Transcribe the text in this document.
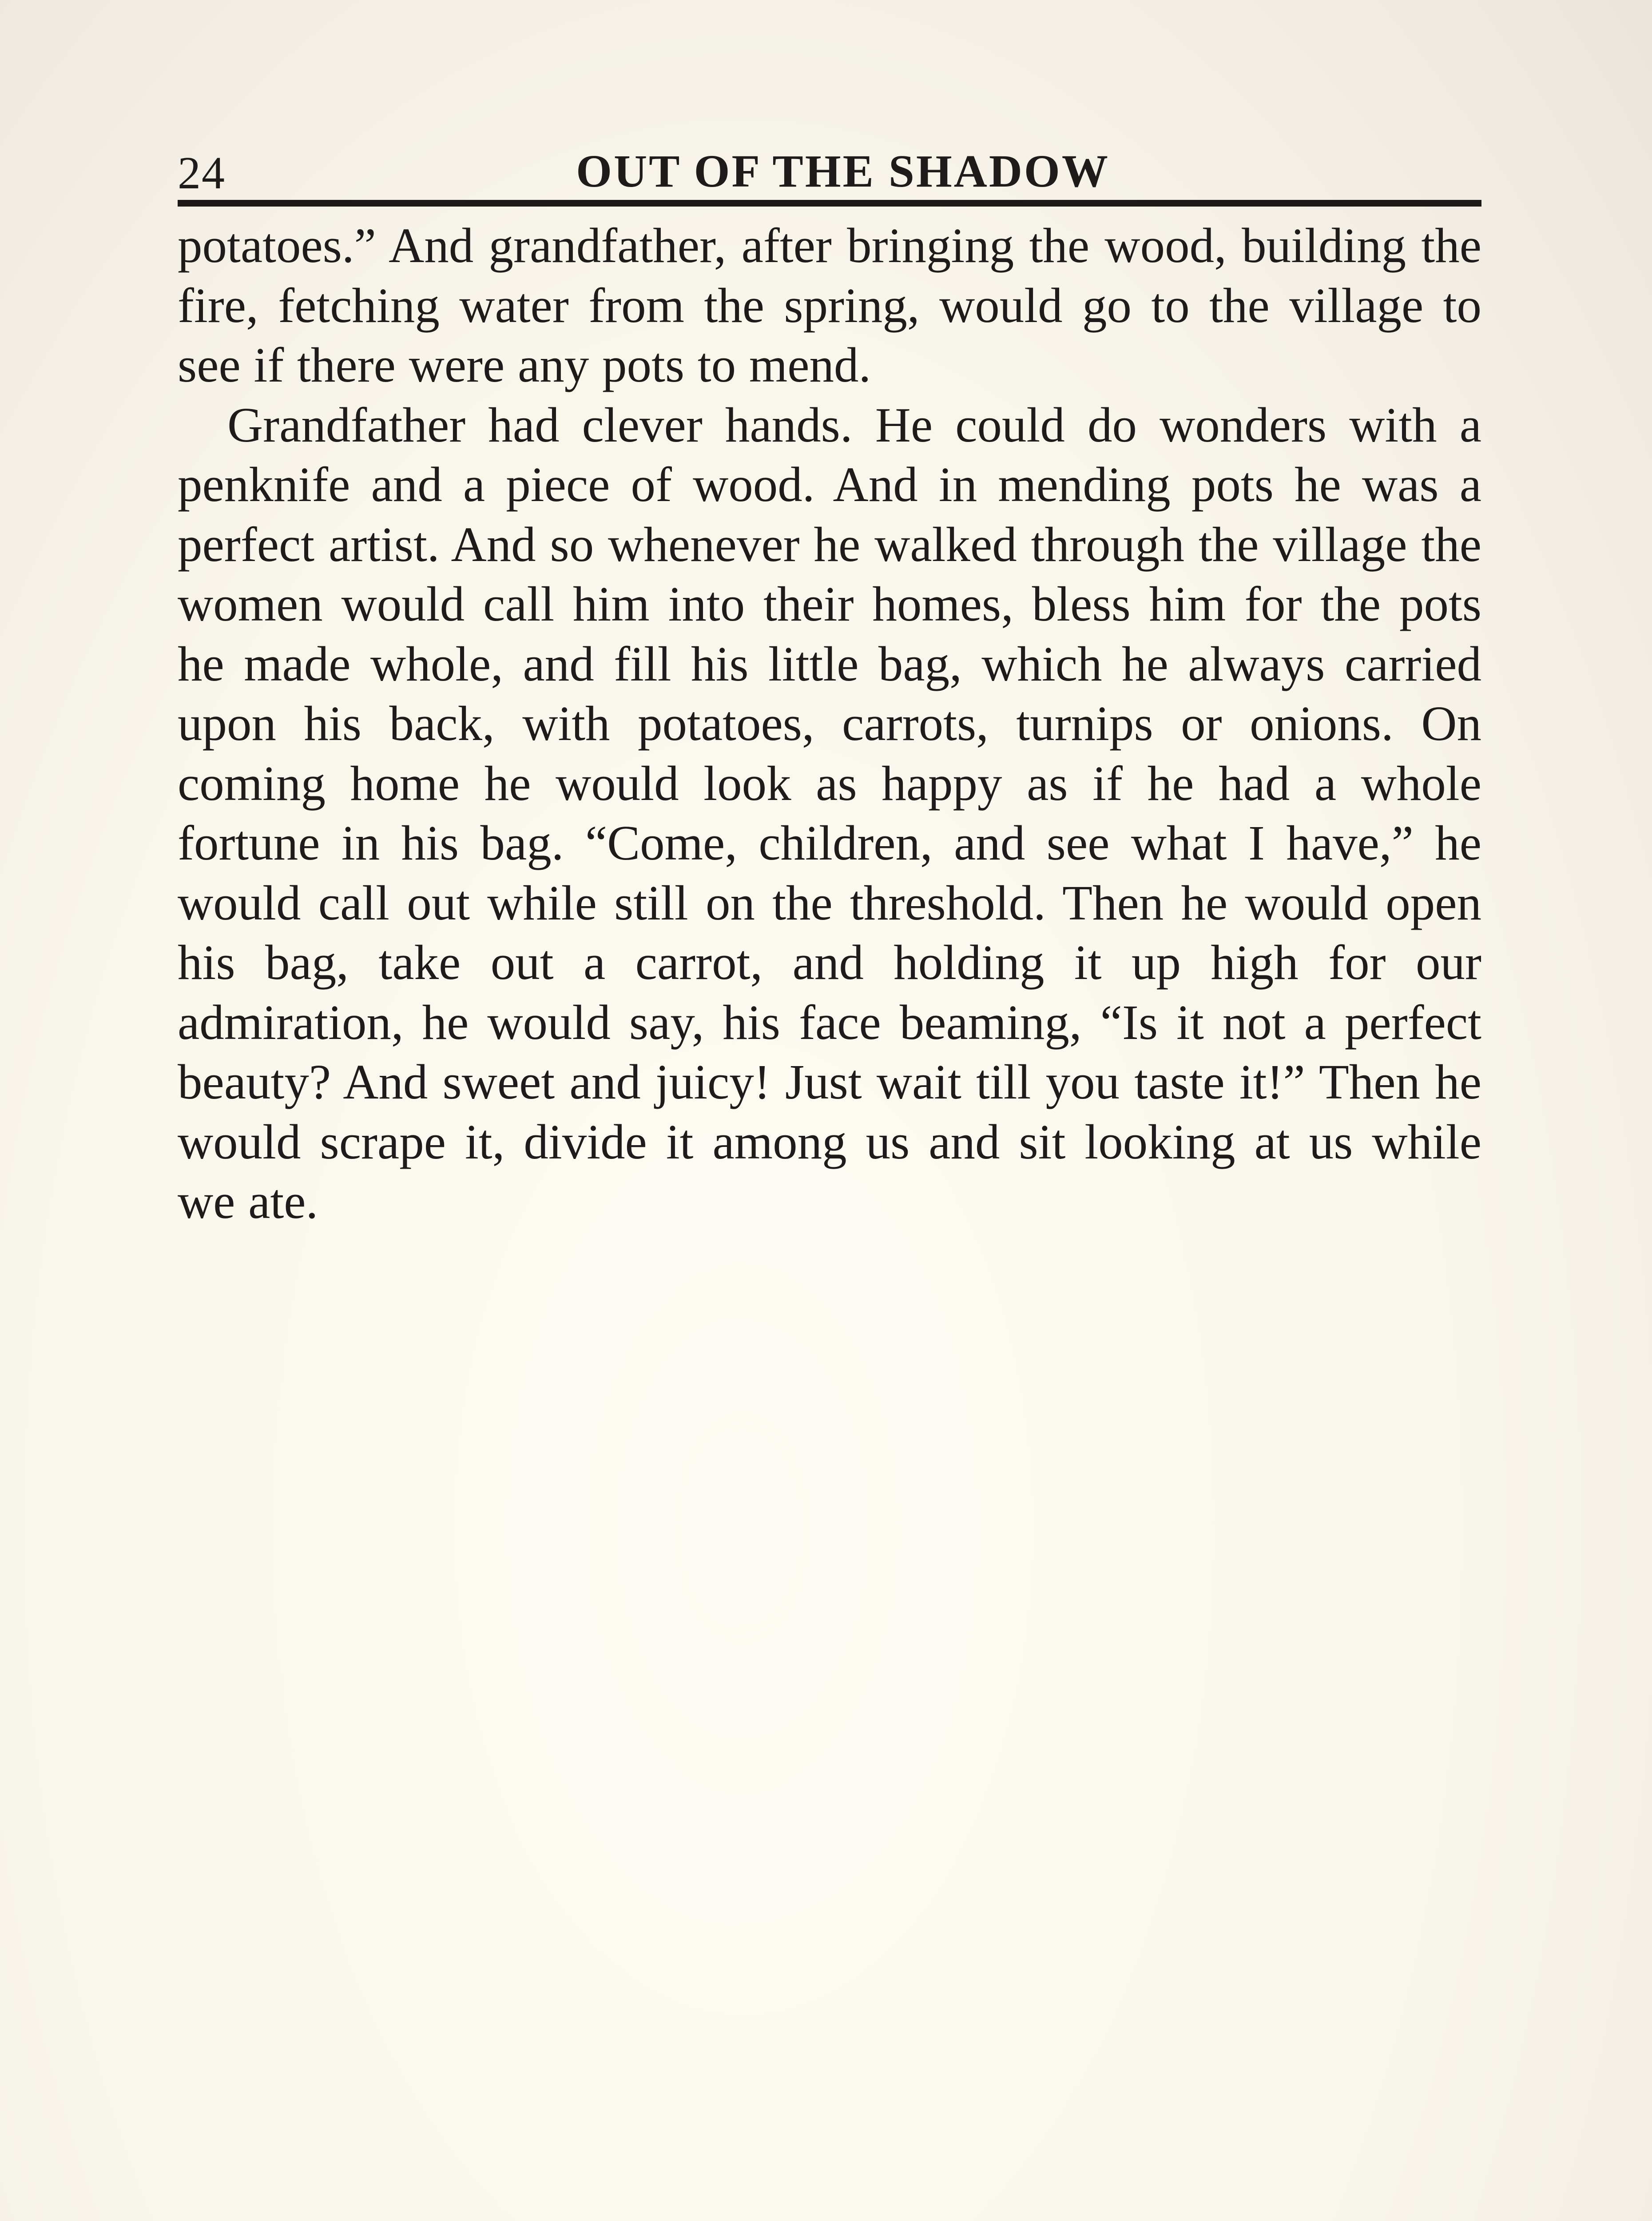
24	OUT OF THE SHADOW

potatoes.” And grandfather, after bringing the wood, building the fire, fetching water from the spring, would go to the village to see if there were any pots to mend.

Grandfather had clever hands. He could do wonders with a penknife and a piece of wood. And in mending pots he was a perfect artist. And so whenever he walked through the village the women would call him into their homes, bless him for the pots he made whole, and fill his little bag, which he always carried upon his back, with potatoes, carrots, turnips or onions. On coming home he would look as happy as if he had a whole fortune in his bag. “Come, children, and see what I have,” he would call out while still on the threshold. Then he would open his bag, take out a carrot, and holding it up high for our admiration, he would say, his face beaming, “Is it not a perfect beauty? And sweet and juicy! Just wait till you taste it!” Then he would scrape it, divide it among us and sit looking at us while we ate.
